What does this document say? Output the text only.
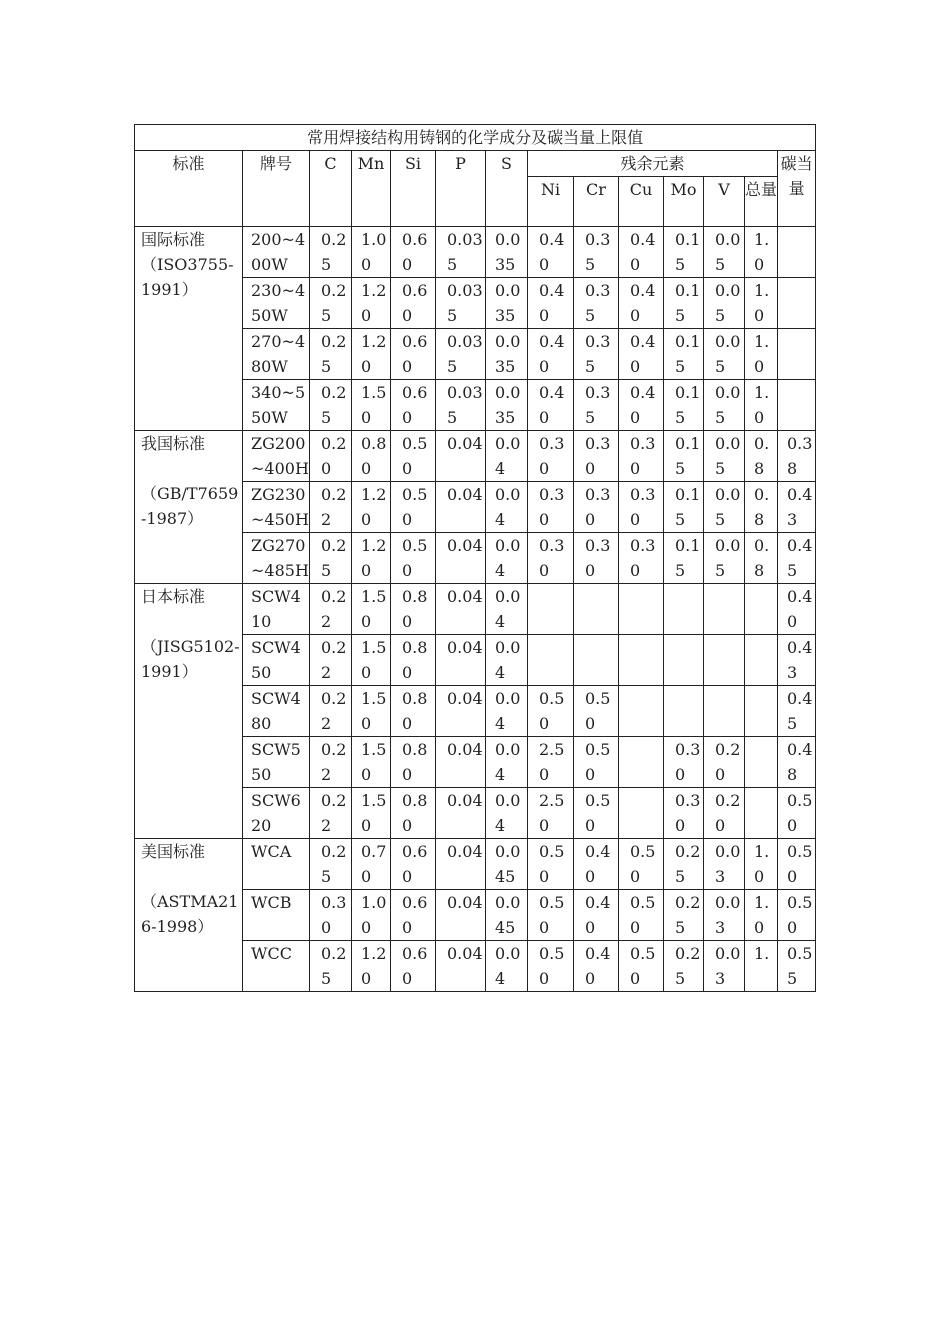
常用焊接结构用铸钢的化学成分及碳当量上限值													
标准	牌号	C	Mn	Si	P	S	残余元素						碳当量
							Ni	Cr	Cu	Mo	V	总量	

国际标准
（ISO3755-1991）	200~400W	0.25	1.00	0.60	0.035	0.035	0.40	0.35	0.40	0.15	0.05	1.0	
	230~450W	0.25	1.20	0.60	0.035	0.035	0.40	0.35	0.40	0.15	0.05	1.0	
	270~480W	0.25	1.20	0.60	0.035	0.035	0.40	0.35	0.40	0.15	0.05	1.0	
	340~550W	0.25	1.50	0.60	0.035	0.035	0.40	0.35	0.40	0.15	0.05	1.0	

我国标准
（GB/T7659-1987）	ZG200~400H	0.20	0.80	0.50	0.04	0.04	0.30	0.30	0.30	0.15	0.05	0.8	0.38
	ZG230~450H	0.22	1.20	0.50	0.04	0.04	0.30	0.30	0.30	0.15	0.05	0.8	0.43
	ZG270~485H	0.25	1.20	0.50	0.04	0.04	0.30	0.30	0.30	0.15	0.05	0.8	0.45

日本标准
（JISG5102-1991）	SCW410	0.22	1.50	0.80	0.04	0.04							0.40
	SCW450	0.22	1.50	0.80	0.04	0.04							0.43
	SCW480	0.22	1.50	0.80	0.04	0.04	0.50	0.50					0.45
	SCW550	0.22	1.50	0.80	0.04	0.04	2.50	0.50		0.30	0.20		0.48
	SCW620	0.22	1.50	0.80	0.04	0.04	2.50	0.50		0.30	0.20		0.50

美国标准
（ASTMA216-1998）	WCA	0.25	0.70	0.60	0.04	0.045	0.50	0.40	0.50	0.25	0.03	1.0	0.50
	WCB	0.30	1.00	0.60	0.04	0.045	0.50	0.40	0.50	0.25	0.03	1.0	0.50
	WCC	0.25	1.20	0.60	0.04	0.04	0.50	0.40	0.50	0.25	0.03	1.	0.55
